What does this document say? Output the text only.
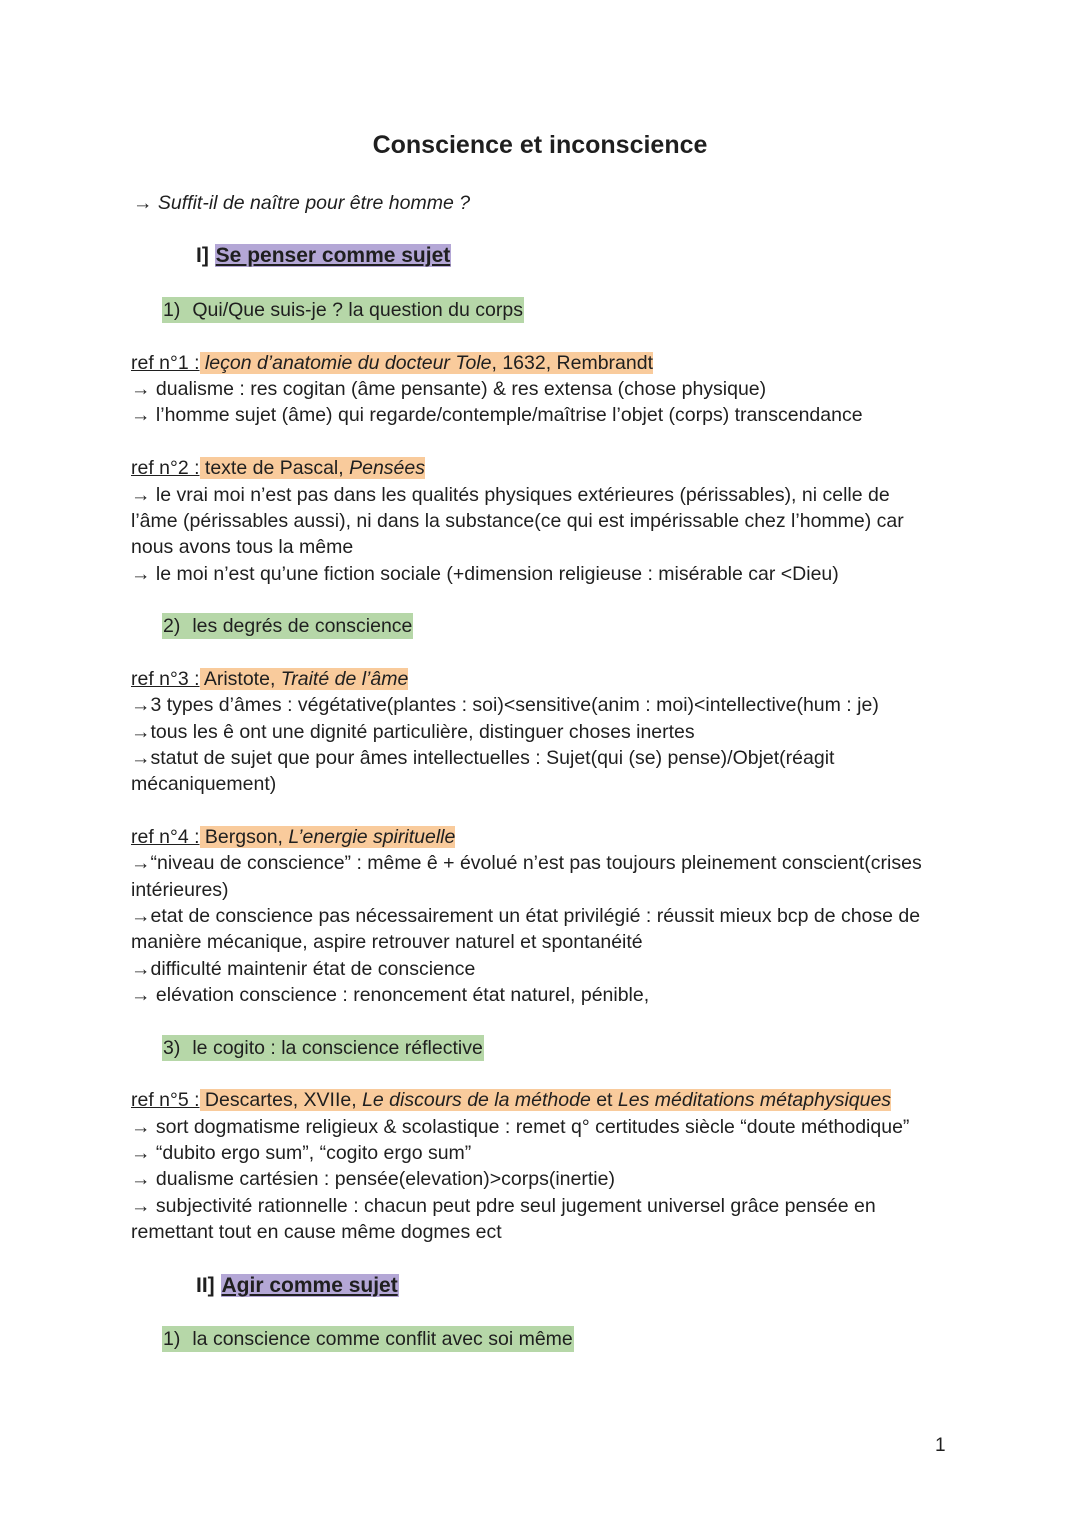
Conscience et inconscience
→ Suffit-il de naître pour être homme ?
I] Se penser comme sujet
1) Qui/Que suis-je ? la question du corps
ref n°1 : leçon d’anatomie du docteur Tole, 1632, Rembrandt
→ dualisme : res cogitan (âme pensante) & res extensa (chose physique)
→ l’homme sujet (âme) qui regarde/contemple/maîtrise l’objet (corps) transcendance
ref n°2 : texte de Pascal, Pensées
→ le vrai moi n’est pas dans les qualités physiques extérieures (périssables), ni celle de
l’âme (périssables aussi), ni dans la substance(ce qui est impérissable chez l’homme) car
nous avons tous la même
→ le moi n’est qu’une fiction sociale (+dimension religieuse : misérable car <Dieu)
2) les degrés de conscience
ref n°3 : Aristote, Traité de l’âme
→3 types d’âmes : végétative(plantes : soi)<sensitive(anim : moi)<intellective(hum : je)
→tous les ê ont une dignité particulière, distinguer choses inertes
→statut de sujet que pour âmes intellectuelles : Sujet(qui (se) pense)/Objet(réagit
mécaniquement)
ref n°4 : Bergson, L’energie spirituelle
→“niveau de conscience” : même ê + évolué n’est pas toujours pleinement conscient(crises
intérieures)
→etat de conscience pas nécessairement un état privilégié : réussit mieux bcp de chose de
manière mécanique, aspire retrouver naturel et spontanéité
→difficulté maintenir état de conscience
→ elévation conscience : renoncement état naturel, pénible,
3) le cogito : la conscience réflective
ref n°5 : Descartes, XVIIe, Le discours de la méthode et Les méditations métaphysiques
→ sort dogmatisme religieux & scolastique : remet q° certitudes siècle “doute méthodique”
→ “dubito ergo sum”, “cogito ergo sum”
→ dualisme cartésien : pensée(elevation)>corps(inertie)
→ subjectivité rationnelle : chacun peut pdre seul jugement universel grâce pensée en
remettant tout en cause même dogmes ect
II] Agir comme sujet
1) la conscience comme conflit avec soi même
1
